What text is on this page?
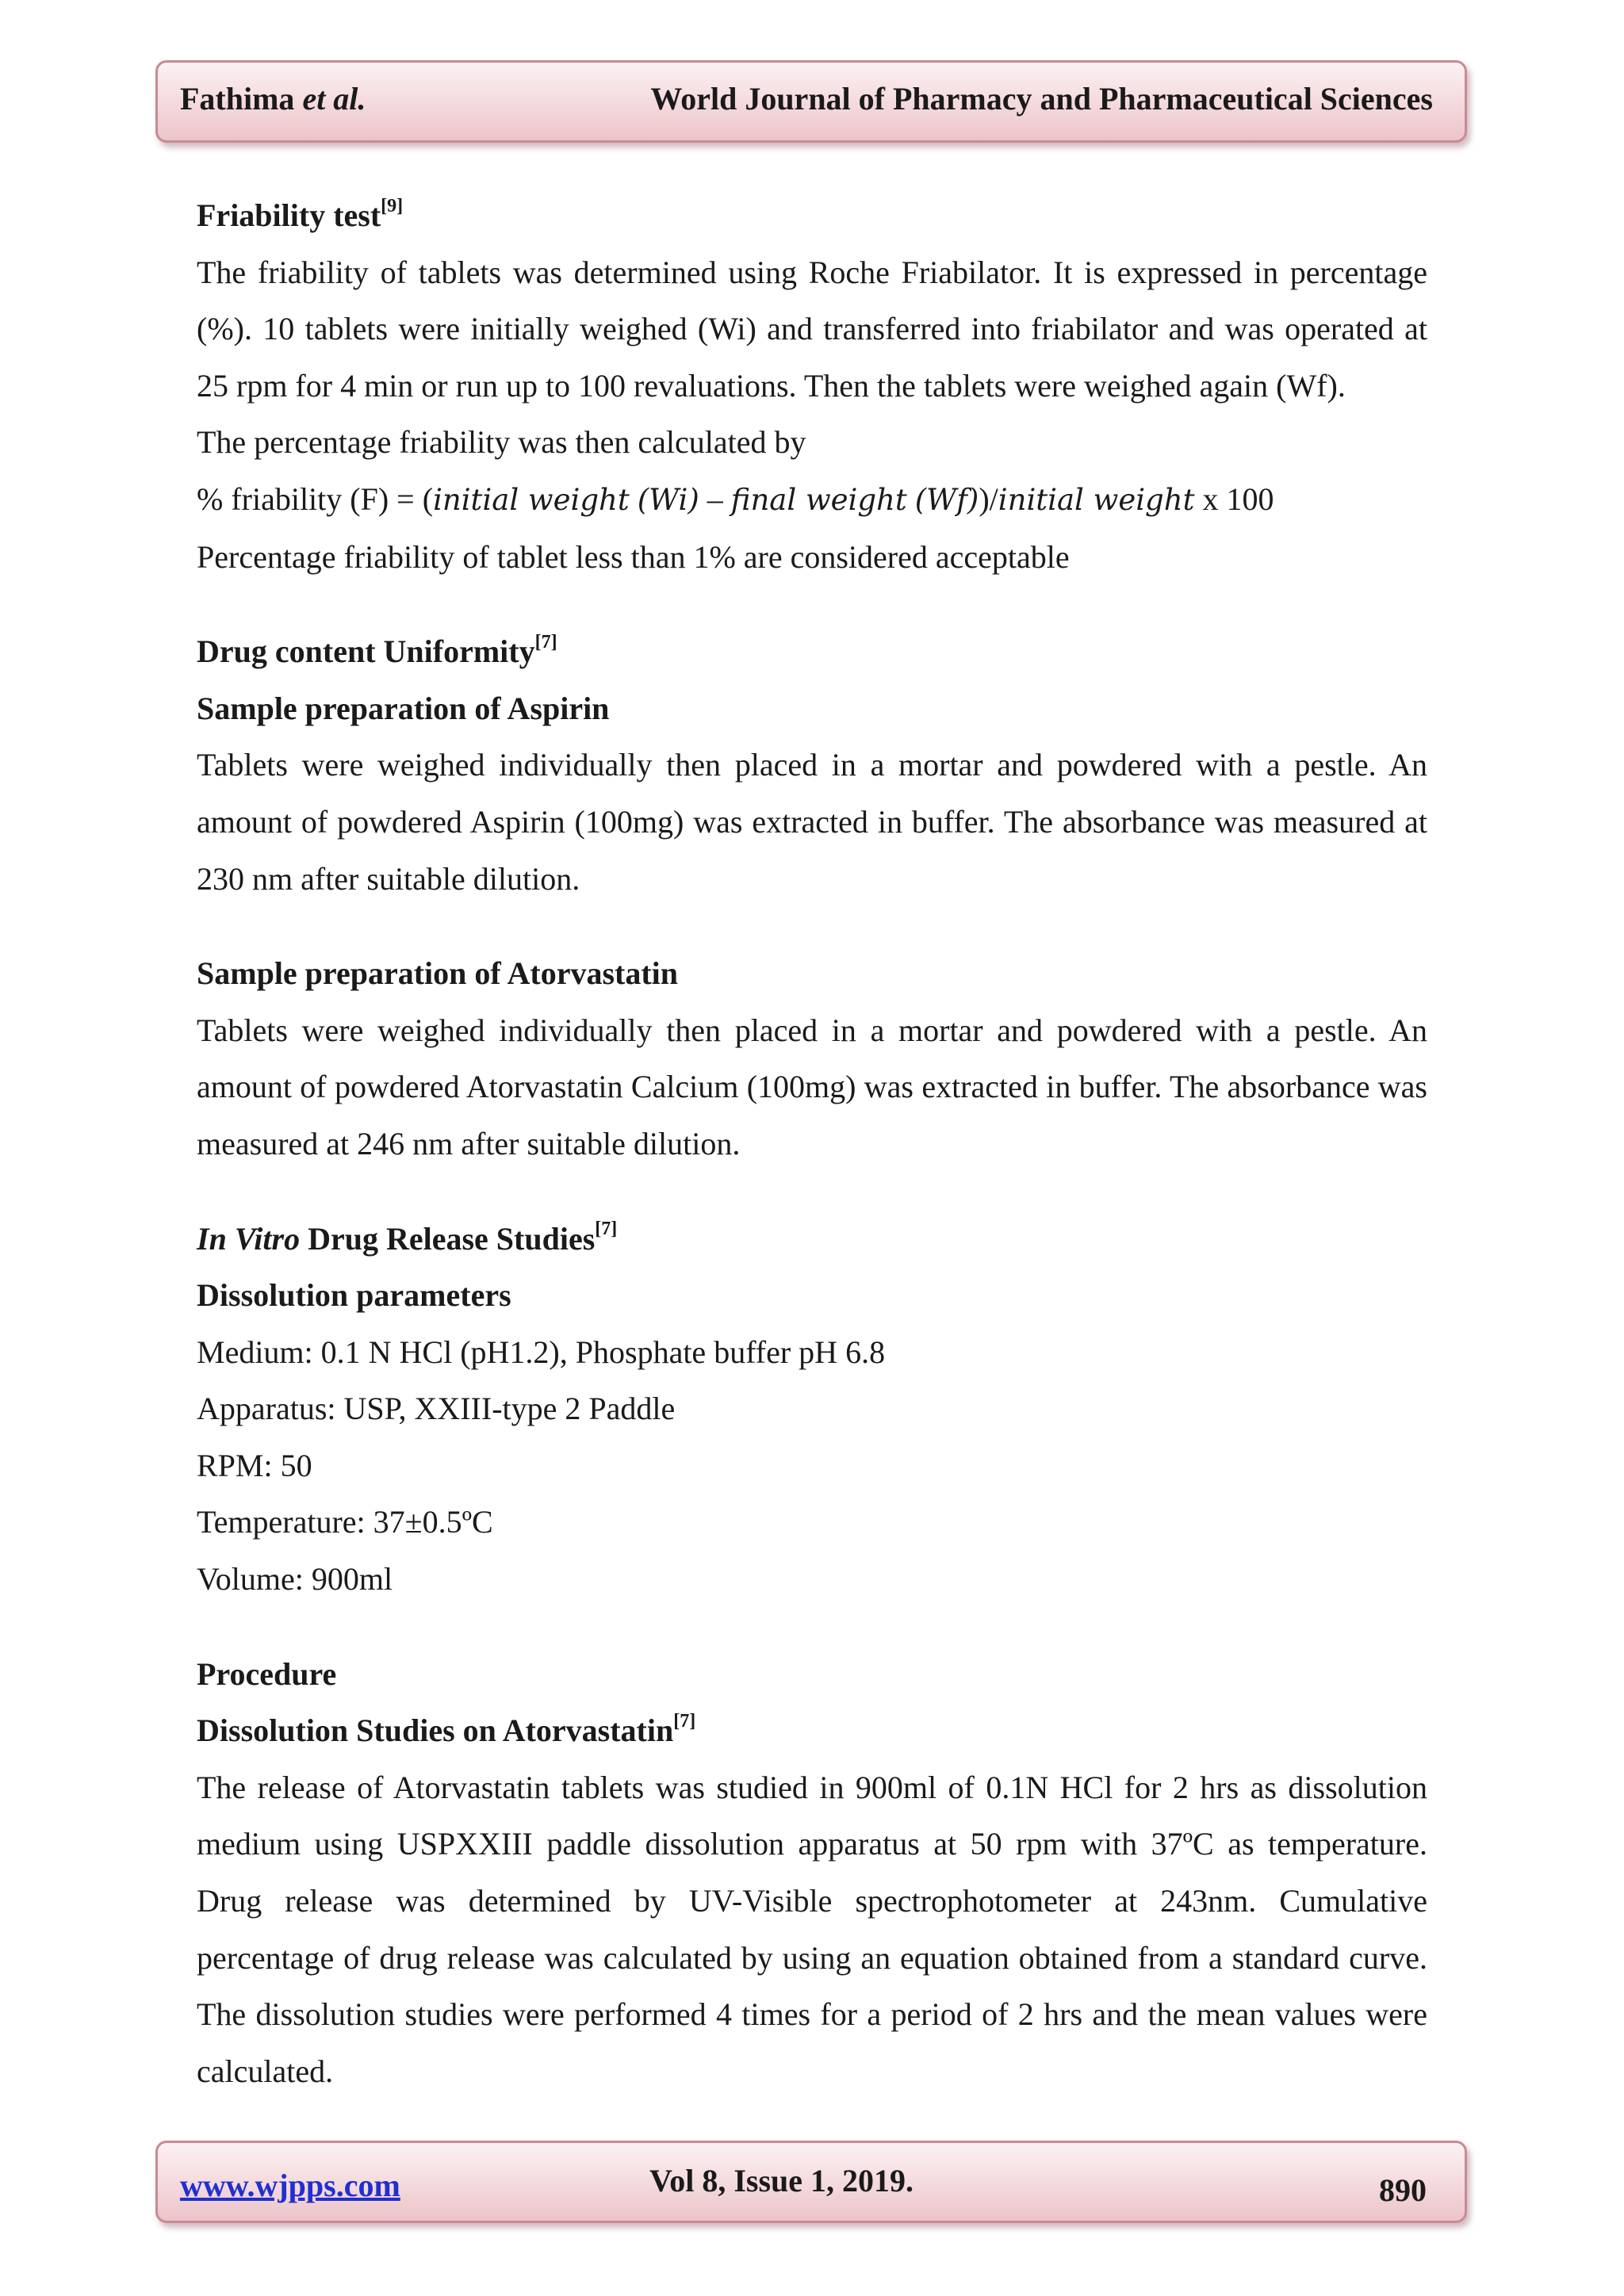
Fathima et al.	World Journal of Pharmacy and Pharmaceutical Sciences
Friability test[9]
The friability of tablets was determined using Roche Friabilator. It is expressed in percentage (%). 10 tablets were initially weighed (Wi) and transferred into friabilator and was operated at 25 rpm for 4 min or run up to 100 revaluations. Then the tablets were weighed again (Wf).
The percentage friability was then calculated by
% friability (F) = (initial weight (Wi) – final weight (Wf))/initial weight x 100
Percentage friability of tablet less than 1% are considered acceptable
Drug content Uniformity[7]
Sample preparation of Aspirin
Tablets were weighed individually then placed in a mortar and powdered with a pestle. An amount of powdered Aspirin (100mg) was extracted in buffer. The absorbance was measured at 230 nm after suitable dilution.
Sample preparation of Atorvastatin
Tablets were weighed individually then placed in a mortar and powdered with a pestle. An amount of powdered Atorvastatin Calcium (100mg) was extracted in buffer. The absorbance was measured at 246 nm after suitable dilution.
In Vitro Drug Release Studies[7]
Dissolution parameters
Medium: 0.1 N HCl (pH1.2), Phosphate buffer pH 6.8
Apparatus: USP, XXIII-type 2 Paddle
RPM: 50
Temperature: 37±0.5ºC
Volume: 900ml
Procedure
Dissolution Studies on Atorvastatin[7]
The release of Atorvastatin tablets was studied in 900ml of 0.1N HCl for 2 hrs as dissolution medium using USPXXIII paddle dissolution apparatus at 50 rpm with 37ºC as temperature. Drug release was determined by UV-Visible spectrophotometer at 243nm. Cumulative percentage of drug release was calculated by using an equation obtained from a standard curve. The dissolution studies were performed 4 times for a period of 2 hrs and the mean values were calculated.
www.wjpps.com	Vol 8, Issue 1, 2019.	890
